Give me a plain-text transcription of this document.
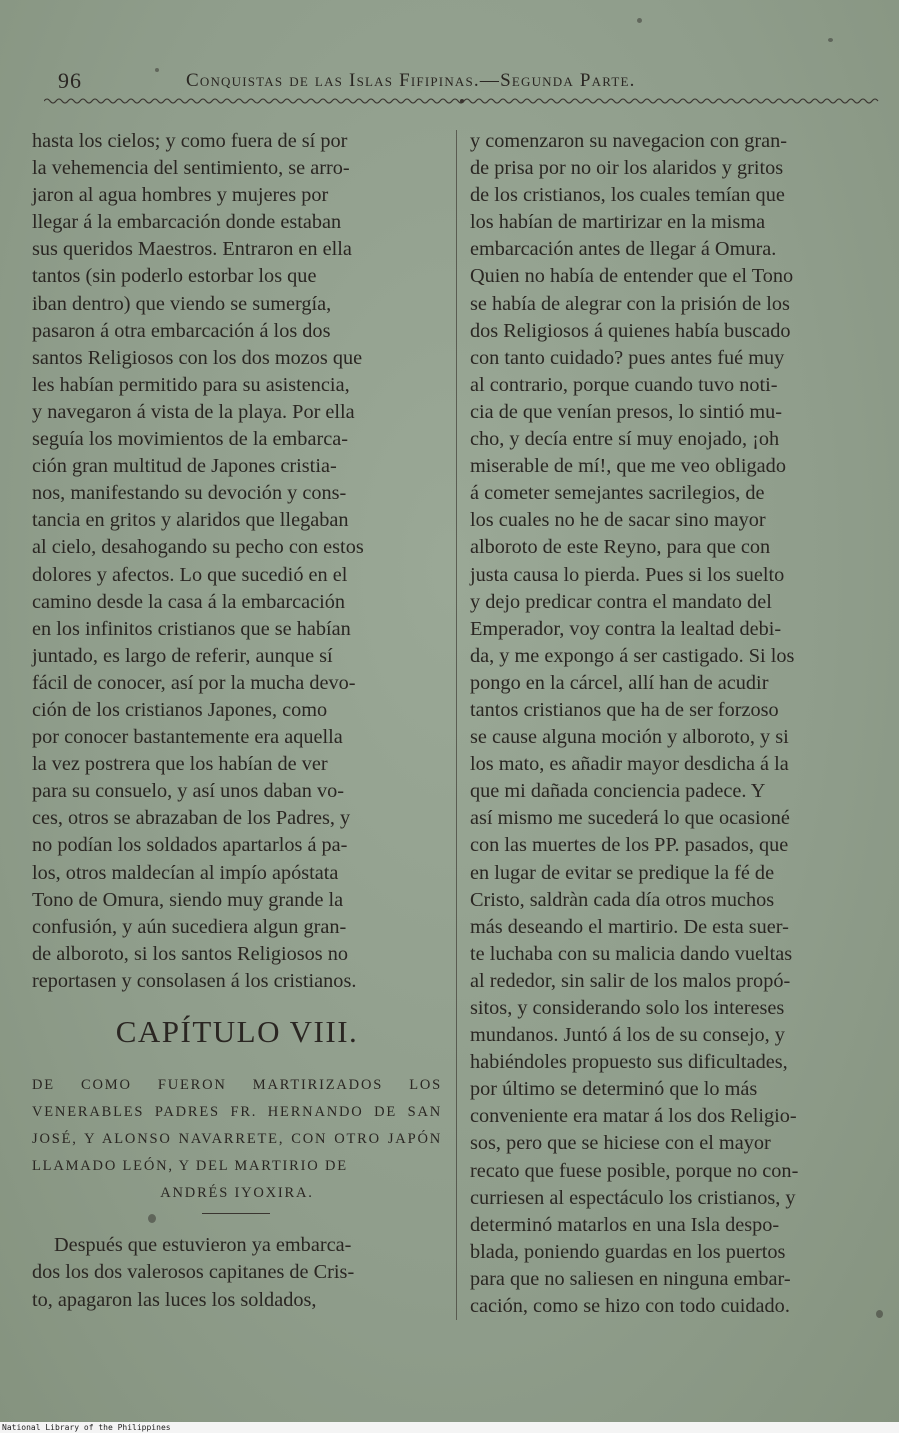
96	Conquistas de las Islas Fifipinas.—Segunda Parte.

hasta los cielos; y como fuera de sí por

la vehemencia del sentimiento, se arro-

jaron al agua hombres y mujeres por

llegar á la embarcación donde estaban

sus queridos Maestros. Entraron en ella

tantos (sin poderlo estorbar los que

iban dentro) que viendo se sumergía,

pasaron á otra embarcación á los dos

santos Religiosos con los dos mozos que

les habían permitido para su asistencia,

y navegaron á vista de la playa. Por ella

seguía los movimientos de la embarca-

ción gran multitud de Japones cristia-

nos, manifestando su devoción y cons-

tancia en gritos y alaridos que llegaban

al cielo, desahogando su pecho con estos

dolores y afectos. Lo que sucedió en el

camino desde la casa á la embarcación

en los infinitos cristianos que se habían

juntado, es largo de referir, aunque sí

fácil de conocer, así por la mucha devo-

ción de los cristianos Japones, como

por conocer bastantemente era aquella

la vez postrera que los habían de ver

para su consuelo, y así unos daban vo-

ces, otros se abrazaban de los Padres, y

no podían los soldados apartarlos á pa-

los, otros maldecían al impío apóstata

Tono de Omura, siendo muy grande la

confusión, y aún sucediera algun gran-

de alboroto, si los santos Religiosos no

reportasen y consolasen á los cristianos.

CAPÍTULO VIII.
DE COMO FUERON MARTIRIZADOS LOS VENERABLES PADRES FR. HERNANDO DE SAN JOSÉ, Y ALONSO NAVARRETE, CON OTRO JAPÓN LLAMADO LEÓN, Y DEL MARTIRIO DE
ANDRÉS IYOXIRA.

Después que estuvieron ya embarca-

dos los dos valerosos capitanes de Cris-

to, apagaron las luces los soldados,

y comenzaron su navegacion con gran-

de prisa por no oir los alaridos y gritos

de los cristianos, los cuales temían que

los habían de martirizar en la misma

embarcación antes de llegar á Omura.

Quien no había de entender que el Tono

se había de alegrar con la prisión de los

dos Religiosos á quienes había buscado

con tanto cuidado? pues antes fué muy

al contrario, porque cuando tuvo noti-

cia de que venían presos, lo sintió mu-

cho, y decía entre sí muy enojado, ¡oh

miserable de mí!, que me veo obligado

á cometer semejantes sacrilegios, de

los cuales no he de sacar sino mayor

alboroto de este Reyno, para que con

justa causa lo pierda. Pues si los suelto

y dejo predicar contra el mandato del

Emperador, voy contra la lealtad debi-

da, y me expongo á ser castigado. Si los

pongo en la cárcel, allí han de acudir

tantos cristianos que ha de ser forzoso

se cause alguna moción y alboroto, y si

los mato, es añadir mayor desdicha á la

que mi dañada conciencia padece. Y

así mismo me sucederá lo que ocasioné

con las muertes de los PP. pasados, que

en lugar de evitar se predique la fé de

Cristo, saldràn cada día otros muchos

más deseando el martirio. De esta suer-

te luchaba con su malicia dando vueltas

al rededor, sin salir de los malos propó-

sitos, y considerando solo los intereses

mundanos. Juntó á los de su consejo, y

habiéndoles propuesto sus dificultades,

por último se determinó que lo más

conveniente era matar á los dos Religio-

sos, pero que se hiciese con el mayor

recato que fuese posible, porque no con-

curriesen al espectáculo los cristianos, y

determinó matarlos en una Isla despo-

blada, poniendo guardas en los puertos

para que no saliesen en ninguna embar-

cación, como se hizo con todo cuidado.

National Library of the Philippines
